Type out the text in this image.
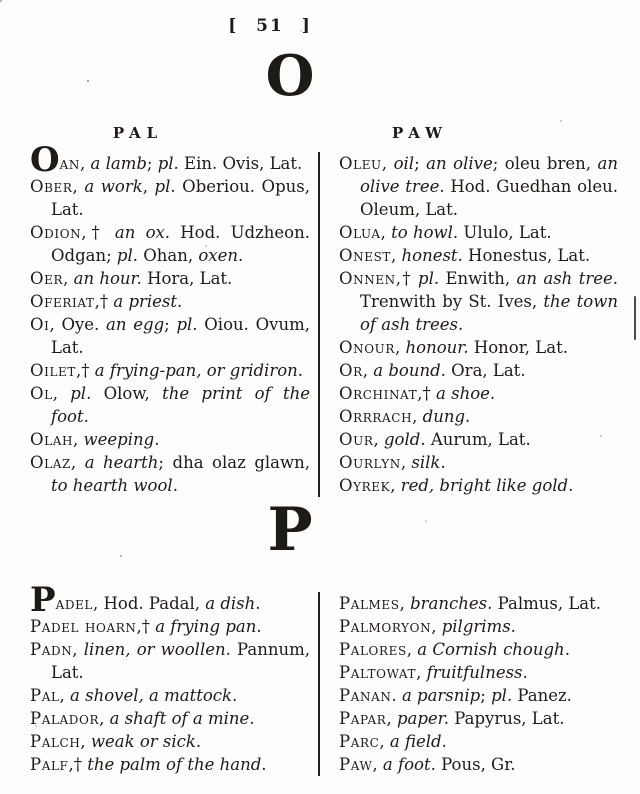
[ 51 ]
O
PAL	PAW

Oan, a lamb; pl. Ein. Ovis, Lat.

Ober, a work, pl. Oberiou. Opus, Lat.

Odion,† an ox. Hod. Udzheon. Odgan; pl. Ohan, oxen.

Oer, an hour. Hora, Lat.

Oferiat,† a priest.

Oi, Oye. an egg; pl. Oiou. Ovum, Lat.

Oilet,† a frying-pan, or gridiron.

Ol, pl. Olow, the print of the foot.

Olah, weeping.

Olaz, a hearth; dha olaz glawn, to hearth wool.

Oleu, oil; an olive; oleu bren, an olive tree. Hod. Guedhan oleu. Oleum, Lat.

Olua, to howl. Ululo, Lat.

Onest, honest. Honestus, Lat.

Onnen,† pl. Enwith, an ash tree. Trenwith by St. Ives, the town of ash trees.

Onour, honour. Honor, Lat.

Or, a bound. Ora, Lat.

Orchinat,† a shoe.

Orrrach, dung.

Our, gold. Aurum, Lat.

Ourlyn, silk.

Oyrek, red, bright like gold.

P

Padel, Hod. Padal, a dish.

Padel hoarn,† a frying pan.

Padn, linen, or woollen. Pannum, Lat.

Pal, a shovel, a mattock.

Palador, a shaft of a mine.

Palch, weak or sick.

Palf,† the palm of the hand.

Palmes, branches. Palmus, Lat.

Palmoryon, pilgrims.

Palores, a Cornish chough.

Paltowat, fruitfulness.

Panan. a parsnip; pl. Panez.

Papar, paper. Papyrus, Lat.

Parc, a field.

Paw, a foot. Pous, Gr.
